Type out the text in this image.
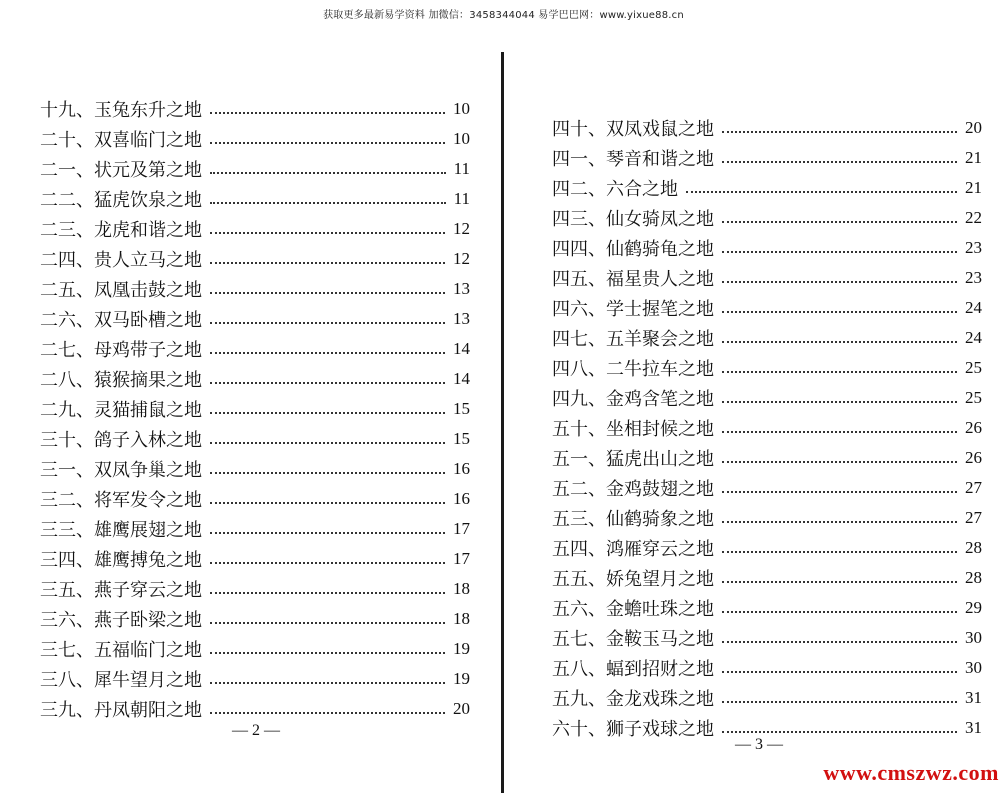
获取更多最新易学资料 加微信：3458344044 易学巴巴网：www.yixue88.cn
十九、玉兔东升之地	10
二十、双喜临门之地	10
二一、状元及第之地	11
二二、猛虎饮泉之地	11
二三、龙虎和谐之地	12
二四、贵人立马之地	12
二五、凤凰击鼓之地	13
二六、双马卧槽之地	13
二七、母鸡带子之地	14
二八、猿猴摘果之地	14
二九、灵猫捕鼠之地	15
三十、鸽子入林之地	15
三一、双凤争巢之地	16
三二、将军发令之地	16
三三、雄鹰展翅之地	17
三四、雄鹰搏兔之地	17
三五、燕子穿云之地	18
三六、燕子卧梁之地	18
三七、五福临门之地	19
三八、犀牛望月之地	19
三九、丹凤朝阳之地	20
四十、双凤戏鼠之地	20
四一、琴音和谐之地	21
四二、六合之地	21
四三、仙女骑凤之地	22
四四、仙鹤骑龟之地	23
四五、福星贵人之地	23
四六、学士握笔之地	24
四七、五羊聚会之地	24
四八、二牛拉车之地	25
四九、金鸡含笔之地	25
五十、坐相封候之地	26
五一、猛虎出山之地	26
五二、金鸡鼓翅之地	27
五三、仙鹤骑象之地	27
五四、鸿雁穿云之地	28
五五、娇兔望月之地	28
五六、金蟾吐珠之地	29
五七、金鞍玉马之地	30
五八、蝠到招财之地	30
五九、金龙戏珠之地	31
六十、狮子戏球之地	31
— 2 —
— 3 —
www.cmszwz.com
